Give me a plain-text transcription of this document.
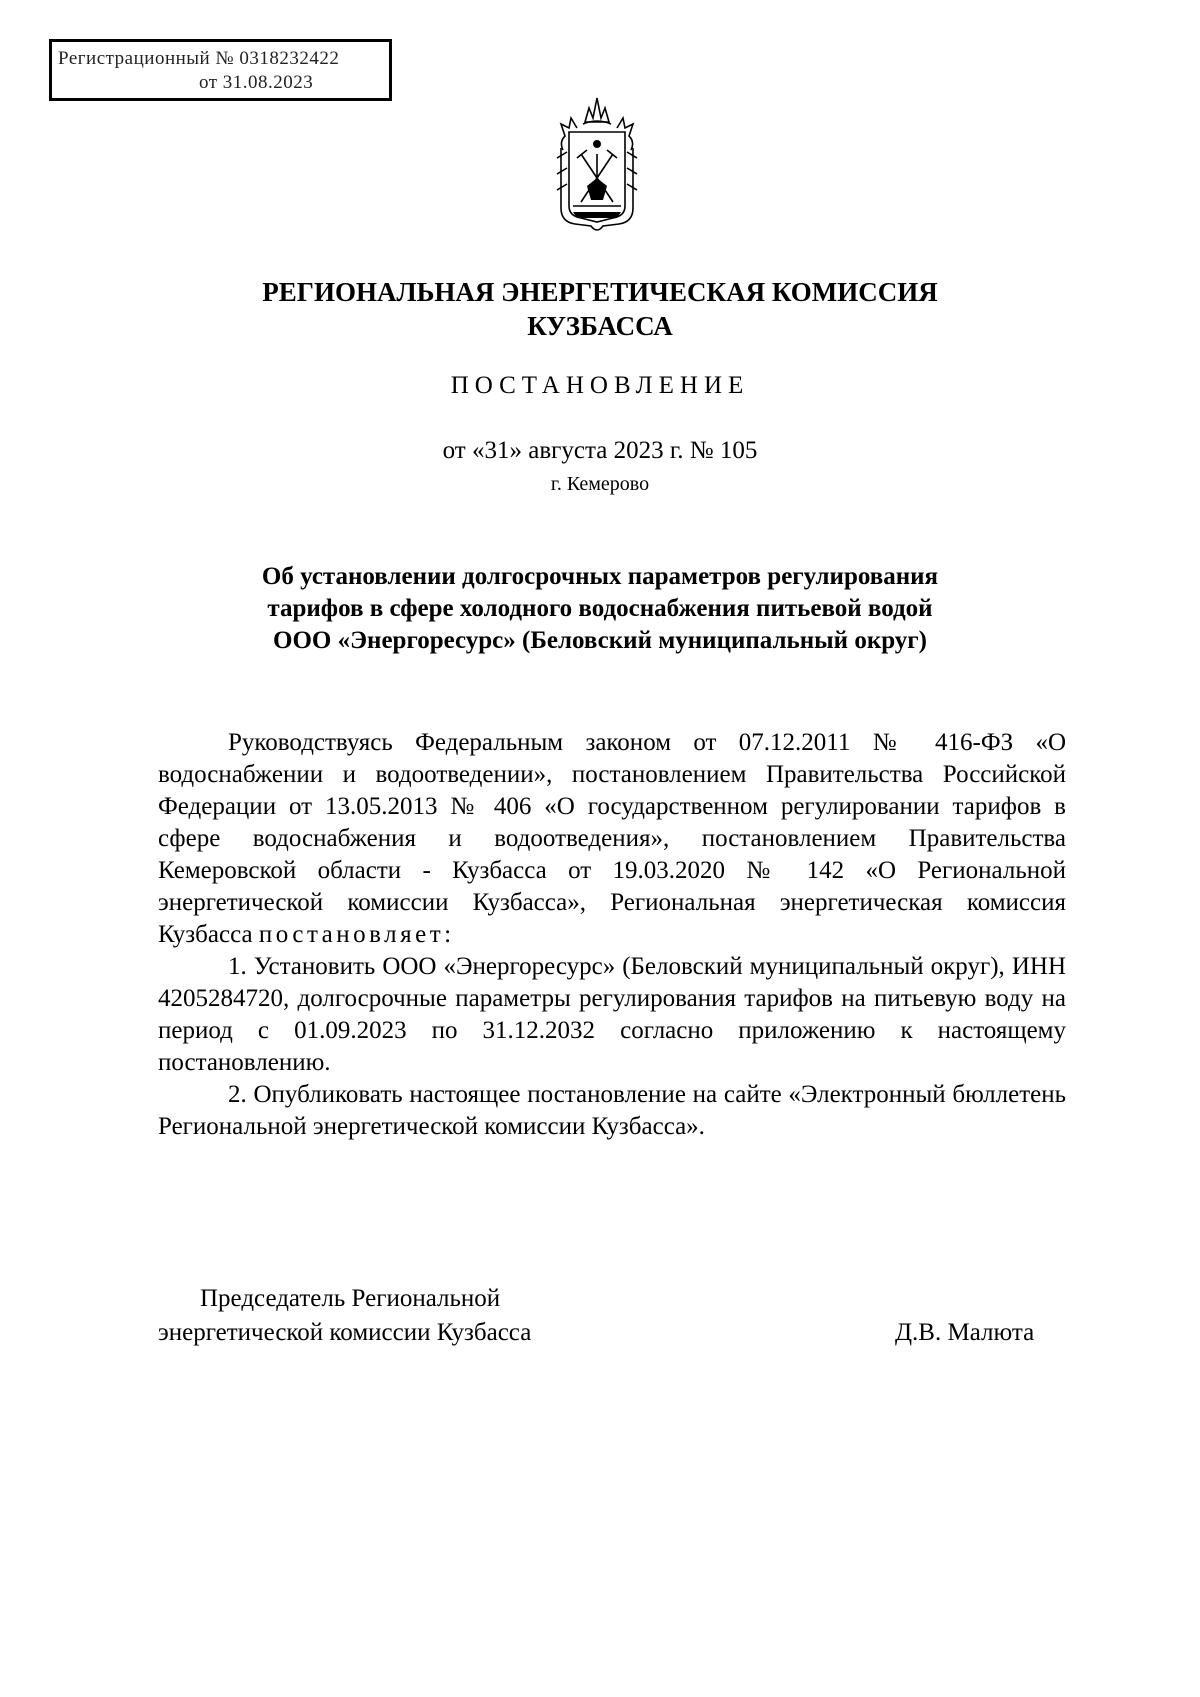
Регистрационный № 0318232422
от 31.08.2023
РЕГИОНАЛЬНАЯ ЭНЕРГЕТИЧЕСКАЯ КОМИССИЯ
КУЗБАССА
ПОСТАНОВЛЕНИЕ
от «31» августа 2023 г. № 105
г. Кемерово
Об установлении долгосрочных параметров регулирования
тарифов в сфере холодного водоснабжения питьевой водой
ООО «Энергоресурс» (Беловский муниципальный округ)

Руководствуясь Федеральным законом от 07.12.2011 № 416-ФЗ «О водоснабжении и водоотведении», постановлением Правительства Российской Федерации от 13.05.2013 № 406 «О государственном регулировании тарифов в сфере водоснабжения и водоотведения», постановлением Правительства Кемеровской области - Кузбасса от 19.03.2020 № 142 «О Региональной энергетической комиссии Кузбасса», Региональная энергетическая комиссия Кузбасса постановляет:

1. Установить ООО «Энергоресурс» (Беловский муниципальный округ), ИНН 4205284720, долгосрочные параметры регулирования тарифов на питьевую воду на период с 01.09.2023 по 31.12.2032 согласно приложению к настоящему постановлению.

2. Опубликовать настоящее постановление на сайте «Электронный бюллетень Региональной энергетической комиссии Кузбасса».

Председатель Региональной
энергетической комиссии Кузбасса	Д.В. Малюта
